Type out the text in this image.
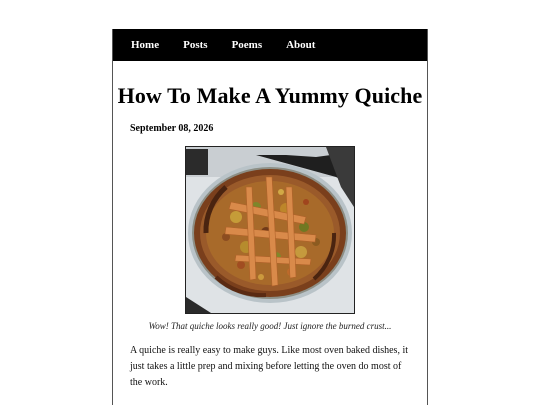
Home Posts Poems About
How To Make A Yummy Quiche
September 08, 2026
Wow! That quiche looks really good! Just ignore the burned crust...

A quiche is really easy to make guys. Like most oven baked dishes, it just takes a little prep and mixing before letting the oven do most of the work.
